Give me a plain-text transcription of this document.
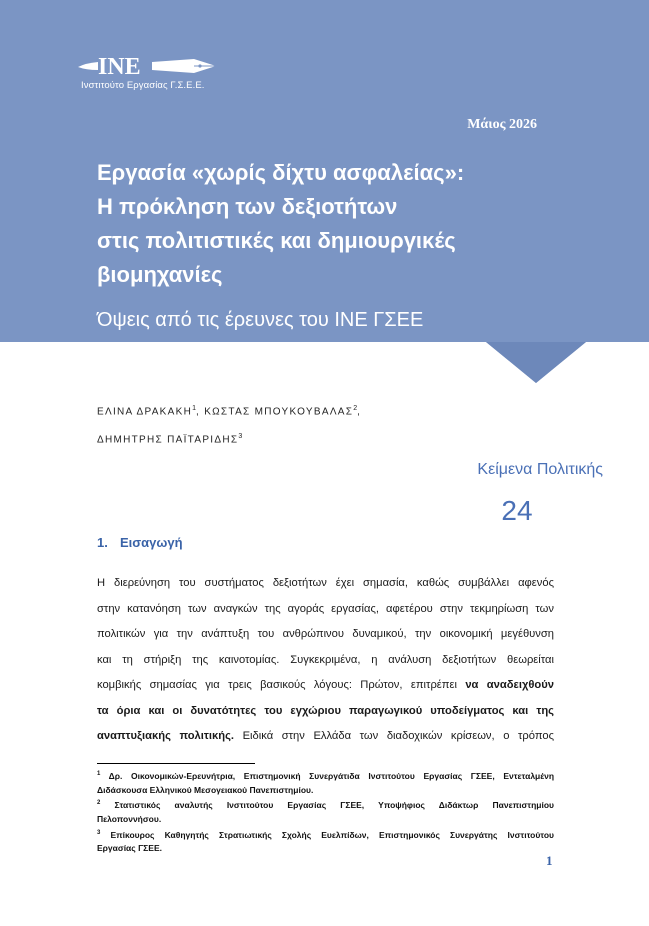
INE
Ινστιτούτο Εργασίας Γ.Σ.Ε.Ε.
Μάιος 2026
Εργασία «χωρίς δίχτυ ασφαλείας»:
Η πρόκληση των δεξιοτήτων
στις πολιτιστικές και δημιουργικές
βιομηχανίες
Όψεις από τις έρευνες του ΙΝΕ ΓΣΕΕ
ΕΛΙΝΑ ΔΡΑΚΑΚΗ$^1$, ΚΩΣΤΑΣ ΜΠΟΥΚΟΥΒΑΛΑΣ$^2$,
ΔΗΜΗΤΡΗΣ ΠΑΪΤΑΡΙΔΗΣ$^3$
Κείμενα Πολιτικής
24
1. Εισαγωγή

Η διερεύνηση του συστήματος δεξιοτήτων έχει σημασία, καθώς συμβάλλει αφενός
στην κατανόηση των αναγκών της αγοράς εργασίας, αφετέρου στην τεκμηρίωση των
πολιτικών για την ανάπτυξη του ανθρώπινου δυναμικού, την οικονομική μεγέθυνση
και τη στήριξη της καινοτομίας. Συγκεκριμένα, η ανάλυση δεξιοτήτων θεωρείται
κομβικής σημασίας για τρεις βασικούς λόγους: Πρώτον, επιτρέπει να αναδειχθούν
τα όρια και οι δυνατότητες του εγχώριου παραγωγικού υποδείγματος και της
αναπτυξιακής πολιτικής. Ειδικά στην Ελλάδα των διαδοχικών κρίσεων, ο τρόπος

$^1$ Δρ. Οικονομικών-Ερευνήτρια, Επιστημονική Συνεργάτιδα Ινστιτούτου Εργασίας ΓΣΕΕ, Εντεταλμένη
Διδάσκουσα Ελληνικού Μεσογειακού Πανεπιστημίου.
$^2$ Στατιστικός αναλυτής Ινστιτούτου Εργασίας ΓΣΕΕ, Υποψήφιος Διδάκτωρ Πανεπιστημίου
Πελοποννήσου.
$^3$ Επίκουρος Καθηγητής Στρατιωτικής Σχολής Ευελπίδων, Επιστημονικός Συνεργάτης Ινστιτούτου
Εργασίας ΓΣΕΕ.
1
